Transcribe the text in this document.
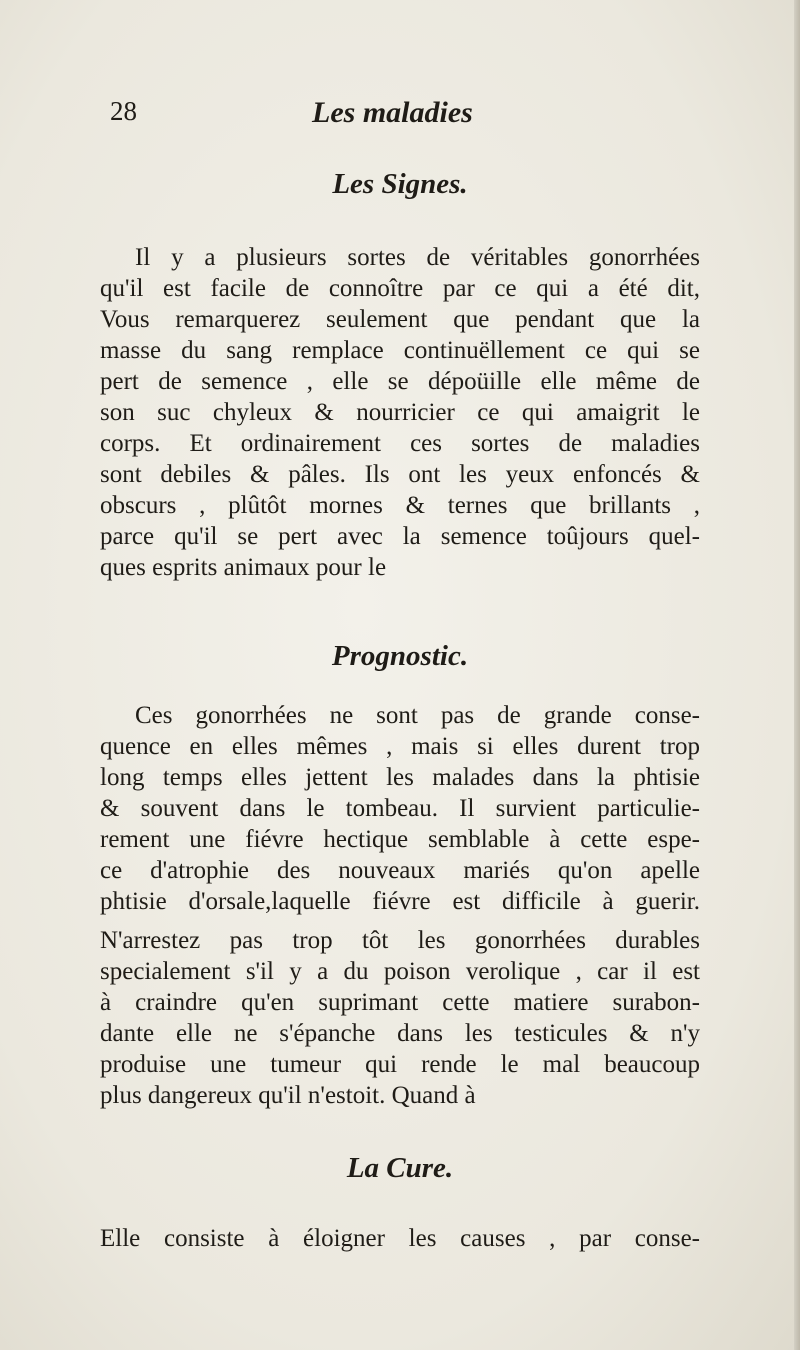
28	Les maladies
Les Signes.
Il y a plusieurs sortes de véritables gonorrhées
qu'il est facile de connoître par ce qui a été dit,
Vous remarquerez seulement que pendant que la
masse du sang remplace continuëllement ce qui se
pert de semence , elle se dépoüille elle même de
son suc chyleux & nourricier ce qui amaigrit le
corps. Et ordinairement ces sortes de maladies
sont debiles & pâles. Ils ont les yeux enfoncés &
obscurs , plûtôt mornes & ternes que brillants ,
parce qu'il se pert avec la semence toûjours quel-
ques esprits animaux pour le
Prognostic.
Ces gonorrhées ne sont pas de grande conse-
quence en elles mêmes , mais si elles durent trop
long temps elles jettent les malades dans la phtisie
& souvent dans le tombeau. Il survient particulie-
rement une fiévre hectique semblable à cette espe-
ce d'atrophie des nouveaux mariés qu'on apelle
phtisie d'orsale,laquelle fiévre est difficile à guerir.
N'arrestez pas trop tôt les gonorrhées durables
specialement s'il y a du poison verolique , car il est
à craindre qu'en suprimant cette matiere surabon-
dante elle ne s'épanche dans les testicules & n'y
produise une tumeur qui rende le mal beaucoup
plus dangereux qu'il n'estoit. Quand à
La Cure.
Elle consiste à éloigner les causes , par conse-
